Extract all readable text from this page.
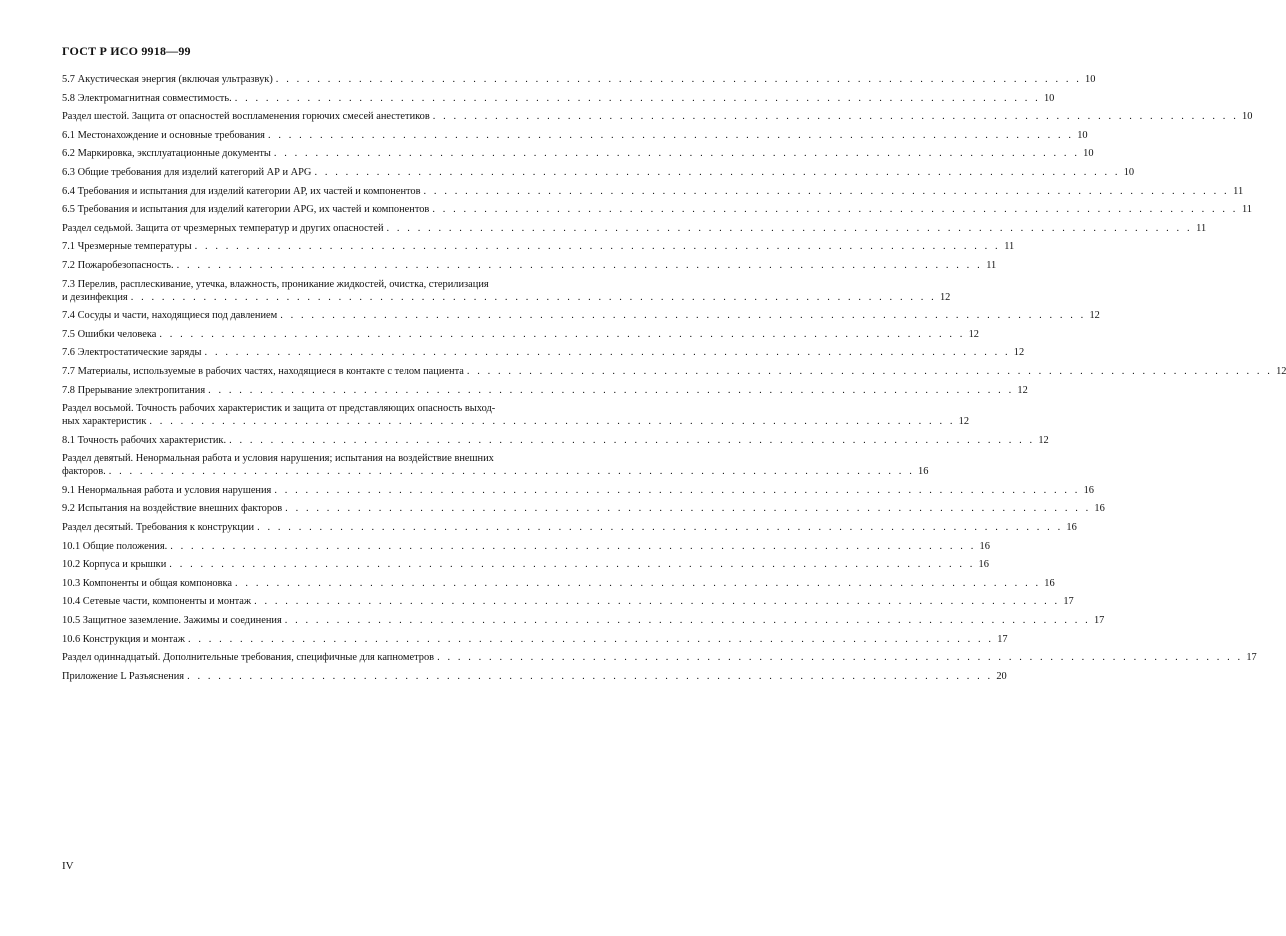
ГОСТ Р ИСО 9918—99
5.7 Акустическая энергия (включая ультразвук) . . . . . . . . . . . . . . . . . . . . . . . . . . . . . . . . . . . . . . . . . . . . . . . . . . . . . . . . . . . . . . . . . . . . . . . . . . . . . . 10
5.8 Электромагнитная совместимость. . . . . . . . . . . . . . . . . . . . . . . . . . . . . . . . . . . . . . . . . . . . . . . . . . . . . . . . . . . . . . . . . . . . . . . . . . . . . . . 10
Раздел шестой. Защита от опасностей воспламенения горючих смесей анестетиков . . . . . . . . . . . . . . . . . . . . . . . . . . . . . . . . . . . . . . . . . . . . . . . . . . . . . . . . . . . . . . . . . . . . . . . . . . . . . . 10
6.1 Местонахождение и основные требования . . . . . . . . . . . . . . . . . . . . . . . . . . . . . . . . . . . . . . . . . . . . . . . . . . . . . . . . . . . . . . . . . . . . . . . . . . . . . . 10
6.2 Маркировка, эксплуатационные документы . . . . . . . . . . . . . . . . . . . . . . . . . . . . . . . . . . . . . . . . . . . . . . . . . . . . . . . . . . . . . . . . . . . . . . . . . . . . . . 10
6.3 Общие требования для изделий категорий АР и APG . . . . . . . . . . . . . . . . . . . . . . . . . . . . . . . . . . . . . . . . . . . . . . . . . . . . . . . . . . . . . . . . . . . . . . . . . . . . . . 10
6.4 Требования и испытания для изделий категории АР, их частей и компонентов . . . . . . . . . . . . . . . . . . . . . . . . . . . . . . . . . . . . . . . . . . . . . . . . . . . . . . . . . . . . . . . . . . . . . . . . . . . . . . 11
6.5 Требования и испытания для изделий категории APG, их частей и компонентов . . . . . . . . . . . . . . . . . . . . . . . . . . . . . . . . . . . . . . . . . . . . . . . . . . . . . . . . . . . . . . . . . . . . . . . . . . . . . . 11
Раздел седьмой. Защита от чрезмерных температур и других опасностей . . . . . . . . . . . . . . . . . . . . . . . . . . . . . . . . . . . . . . . . . . . . . . . . . . . . . . . . . . . . . . . . . . . . . . . . . . . . . . 11
7.1 Чрезмерные температуры . . . . . . . . . . . . . . . . . . . . . . . . . . . . . . . . . . . . . . . . . . . . . . . . . . . . . . . . . . . . . . . . . . . . . . . . . . . . . . 11
7.2 Пожаробезопасность. . . . . . . . . . . . . . . . . . . . . . . . . . . . . . . . . . . . . . . . . . . . . . . . . . . . . . . . . . . . . . . . . . . . . . . . . . . . . . . 11
7.3 Перелив, расплескивание, утечка, влажность, проникание жидкостей, очистка, стерилизация
и дезинфекция . . . . . . . . . . . . . . . . . . . . . . . . . . . . . . . . . . . . . . . . . . . . . . . . . . . . . . . . . . . . . . . . . . . . . . . . . . . . . . 12
7.4 Сосуды и части, находящиеся под давлением . . . . . . . . . . . . . . . . . . . . . . . . . . . . . . . . . . . . . . . . . . . . . . . . . . . . . . . . . . . . . . . . . . . . . . . . . . . . . . 12
7.5 Ошибки человека . . . . . . . . . . . . . . . . . . . . . . . . . . . . . . . . . . . . . . . . . . . . . . . . . . . . . . . . . . . . . . . . . . . . . . . . . . . . . . 12
7.6 Электростатические заряды . . . . . . . . . . . . . . . . . . . . . . . . . . . . . . . . . . . . . . . . . . . . . . . . . . . . . . . . . . . . . . . . . . . . . . . . . . . . . . 12
7.7 Материалы, используемые в рабочих частях, находящиеся в контакте с телом пациента . . . . . . . . . . . . . . . . . . . . . . . . . . . . . . . . . . . . . . . . . . . . . . . . . . . . . . . . . . . . . . . . . . . . . . . . . . . . . . 12
7.8 Прерывание электропитания . . . . . . . . . . . . . . . . . . . . . . . . . . . . . . . . . . . . . . . . . . . . . . . . . . . . . . . . . . . . . . . . . . . . . . . . . . . . . . 12
Раздел восьмой. Точность рабочих характеристик и защита от представляющих опасность выход-
ных характеристик . . . . . . . . . . . . . . . . . . . . . . . . . . . . . . . . . . . . . . . . . . . . . . . . . . . . . . . . . . . . . . . . . . . . . . . . . . . . . . 12
8.1 Точность рабочих характеристик. . . . . . . . . . . . . . . . . . . . . . . . . . . . . . . . . . . . . . . . . . . . . . . . . . . . . . . . . . . . . . . . . . . . . . . . . . . . . . . 12
Раздел девятый. Ненормальная работа и условия нарушения; испытания на воздействие внешних
факторов. . . . . . . . . . . . . . . . . . . . . . . . . . . . . . . . . . . . . . . . . . . . . . . . . . . . . . . . . . . . . . . . . . . . . . . . . . . . . . . 16
9.1 Ненормальная работа и условия нарушения . . . . . . . . . . . . . . . . . . . . . . . . . . . . . . . . . . . . . . . . . . . . . . . . . . . . . . . . . . . . . . . . . . . . . . . . . . . . . . 16
9.2 Испытания на воздействие внешних факторов . . . . . . . . . . . . . . . . . . . . . . . . . . . . . . . . . . . . . . . . . . . . . . . . . . . . . . . . . . . . . . . . . . . . . . . . . . . . . . 16
Раздел десятый. Требования к конструкции . . . . . . . . . . . . . . . . . . . . . . . . . . . . . . . . . . . . . . . . . . . . . . . . . . . . . . . . . . . . . . . . . . . . . . . . . . . . . . 16
10.1 Общие положения. . . . . . . . . . . . . . . . . . . . . . . . . . . . . . . . . . . . . . . . . . . . . . . . . . . . . . . . . . . . . . . . . . . . . . . . . . . . . . . 16
10.2 Корпуса и крышки . . . . . . . . . . . . . . . . . . . . . . . . . . . . . . . . . . . . . . . . . . . . . . . . . . . . . . . . . . . . . . . . . . . . . . . . . . . . . . 16
10.3 Компоненты и общая компоновка . . . . . . . . . . . . . . . . . . . . . . . . . . . . . . . . . . . . . . . . . . . . . . . . . . . . . . . . . . . . . . . . . . . . . . . . . . . . . . 16
10.4 Сетевые части, компоненты и монтаж . . . . . . . . . . . . . . . . . . . . . . . . . . . . . . . . . . . . . . . . . . . . . . . . . . . . . . . . . . . . . . . . . . . . . . . . . . . . . . 17
10.5 Защитное заземление. Зажимы и соединения . . . . . . . . . . . . . . . . . . . . . . . . . . . . . . . . . . . . . . . . . . . . . . . . . . . . . . . . . . . . . . . . . . . . . . . . . . . . . . 17
10.6 Конструкция и монтаж . . . . . . . . . . . . . . . . . . . . . . . . . . . . . . . . . . . . . . . . . . . . . . . . . . . . . . . . . . . . . . . . . . . . . . . . . . . . . . 17
Раздел одиннадцатый. Дополнительные требования, специфичные для капнометров . . . . . . . . . . . . . . . . . . . . . . . . . . . . . . . . . . . . . . . . . . . . . . . . . . . . . . . . . . . . . . . . . . . . . . . . . . . . . . 17
Приложение L Разъяснения . . . . . . . . . . . . . . . . . . . . . . . . . . . . . . . . . . . . . . . . . . . . . . . . . . . . . . . . . . . . . . . . . . . . . . . . . . . . . . 20
IV
